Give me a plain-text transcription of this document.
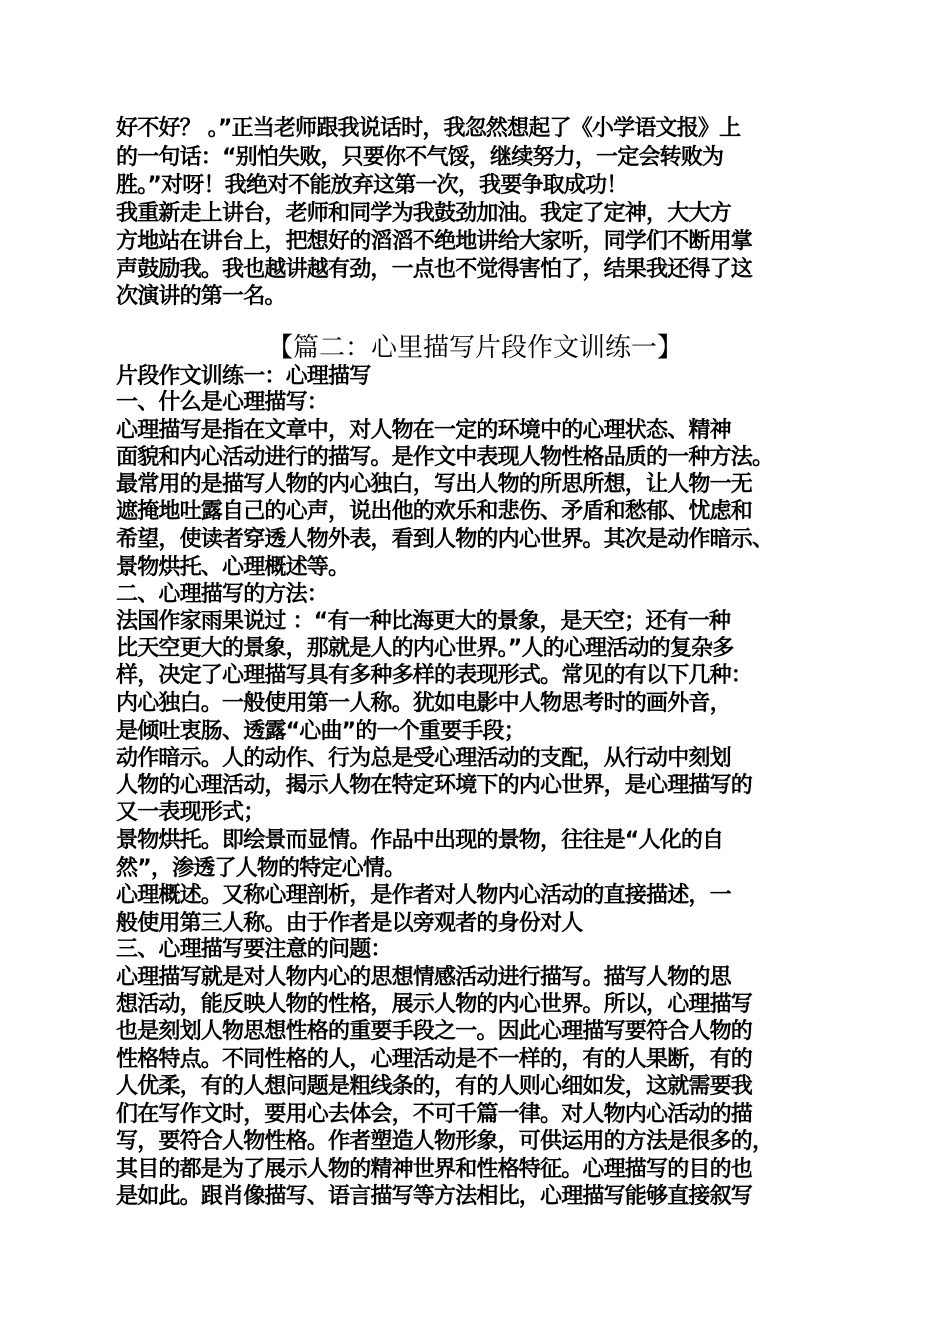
好不好？ 。”正当老师跟我说话时，我忽然想起了《小学语文报》上

的一句话：“别怕失败，只要你不气馁，继续努力，一定会转败为

胜。”对呀！我绝对不能放弃这第一次，我要争取成功！

我重新走上讲台，老师和同学为我鼓劲加油。我定了定神，大大方

方地站在讲台上，把想好的滔滔不绝地讲给大家听，同学们不断用掌

声鼓励我。我也越讲越有劲，一点也不觉得害怕了，结果我还得了这

次演讲的第一名。

【篇二：心里描写片段作文训练一】

片段作文训练一：心理描写

一、什么是心理描写：

心理描写是指在文章中，对人物在一定的环境中的心理状态、精神

面貌和内心活动进行的描写。是作文中表现人物性格品质的一种方法。

最常用的是描写人物的内心独白，写出人物的所思所想，让人物一无

遮掩地吐露自己的心声，说出他的欢乐和悲伤、矛盾和愁郁、忧虑和

希望，使读者穿透人物外表，看到人物的内心世界。其次是动作暗示、

景物烘托、心理概述等。

二、心理描写的方法：

法国作家雨果说过 ：“有一种比海更大的景象，是天空；还有一种

比天空更大的景象，那就是人的内心世界。”人的心理活动的复杂多

样，决定了心理描写具有多种多样的表现形式。常见的有以下几种：

内心独白。一般使用第一人称。犹如电影中人物思考时的画外音，

是倾吐衷肠、透露“心曲”的一个重要手段；

动作暗示。人的动作、行为总是受心理活动的支配，从行动中刻划

人物的心理活动，揭示人物在特定环境下的内心世界，是心理描写的

又一表现形式；

景物烘托。即绘景而显情。作品中出现的景物，往往是“人化的自

然”，渗透了人物的特定心情。

心理概述。又称心理剖析，是作者对人物内心活动的直接描述，一

般使用第三人称。由于作者是以旁观者的身份对人

三、心理描写要注意的问题：

心理描写就是对人物内心的思想情感活动进行描写。描写人物的思

想活动，能反映人物的性格，展示人物的内心世界。所以，心理描写

也是刻划人物思想性格的重要手段之一。因此心理描写要符合人物的

性格特点。不同性格的人，心理活动是不一样的，有的人果断，有的

人优柔，有的人想问题是粗线条的，有的人则心细如发，这就需要我

们在写作文时，要用心去体会，不可千篇一律。对人物内心活动的描

写，要符合人物性格。作者塑造人物形象，可供运用的方法是很多的，

其目的都是为了展示人物的精神世界和性格特征。心理描写的目的也

是如此。跟肖像描写、语言描写等方法相比，心理描写能够直接叙写
